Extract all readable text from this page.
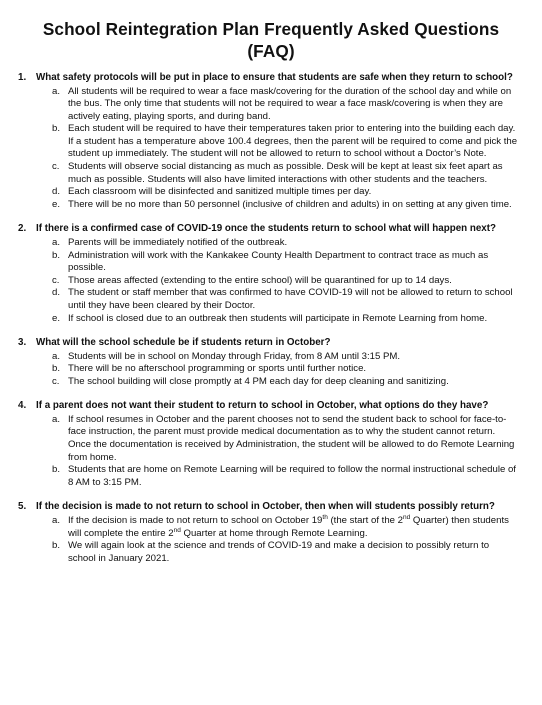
School Reintegration Plan Frequently Asked Questions (FAQ)
1.	What safety protocols will be put in place to ensure that students are safe when they return to school?
a. All students will be required to wear a face mask/covering for the duration of the school day and while on the bus. The only time that students will not be required to wear a face mask/covering is when they are actively eating, playing sports, and during band.
b. Each student will be required to have their temperatures taken prior to entering into the building each day. If a student has a temperature above 100.4 degrees, then the parent will be required to come and pick the student up immediately. The student will not be allowed to return to school without a Doctor’s Note.
c. Students will observe social distancing as much as possible. Desk will be kept at least six feet apart as much as possible. Students will also have limited interactions with other students and the teachers.
d. Each classroom will be disinfected and sanitized multiple times per day.
e. There will be no more than 50 personnel (inclusive of children and adults) in on setting at any given time.
2.	If there is a confirmed case of COVID-19 once the students return to school what will happen next?
a. Parents will be immediately notified of the outbreak.
b. Administration will work with the Kankakee County Health Department to contract trace as much as possible.
c. Those areas affected (extending to the entire school) will be quarantined for up to 14 days.
d. The student or staff member that was confirmed to have COVID-19 will not be allowed to return to school until they have been cleared by their Doctor.
e. If school is closed due to an outbreak then students will participate in Remote Learning from home.
3.	What will the school schedule be if students return in October?
a. Students will be in school on Monday through Friday, from 8 AM until 3:15 PM.
b. There will be no afterschool programming or sports until further notice.
c. The school building will close promptly at 4 PM each day for deep cleaning and sanitizing.
4.	If a parent does not want their student to return to school in October, what options do they have?
a. If school resumes in October and the parent chooses not to send the student back to school for face-to-face instruction, the parent must provide medical documentation as to why the student cannot return. Once the documentation is received by Administration, the student will be allowed to do Remote Learning from home.
b. Students that are home on Remote Learning will be required to follow the normal instructional schedule of 8 AM to 3:15 PM.
5.	If the decision is made to not return to school in October, then when will students possibly return?
a. If the decision is made to not return to school on October 19th (the start of the 2nd Quarter) then students will complete the entire 2nd Quarter at home through Remote Learning.
b. We will again look at the science and trends of COVID-19 and make a decision to possibly return to school in January 2021.
